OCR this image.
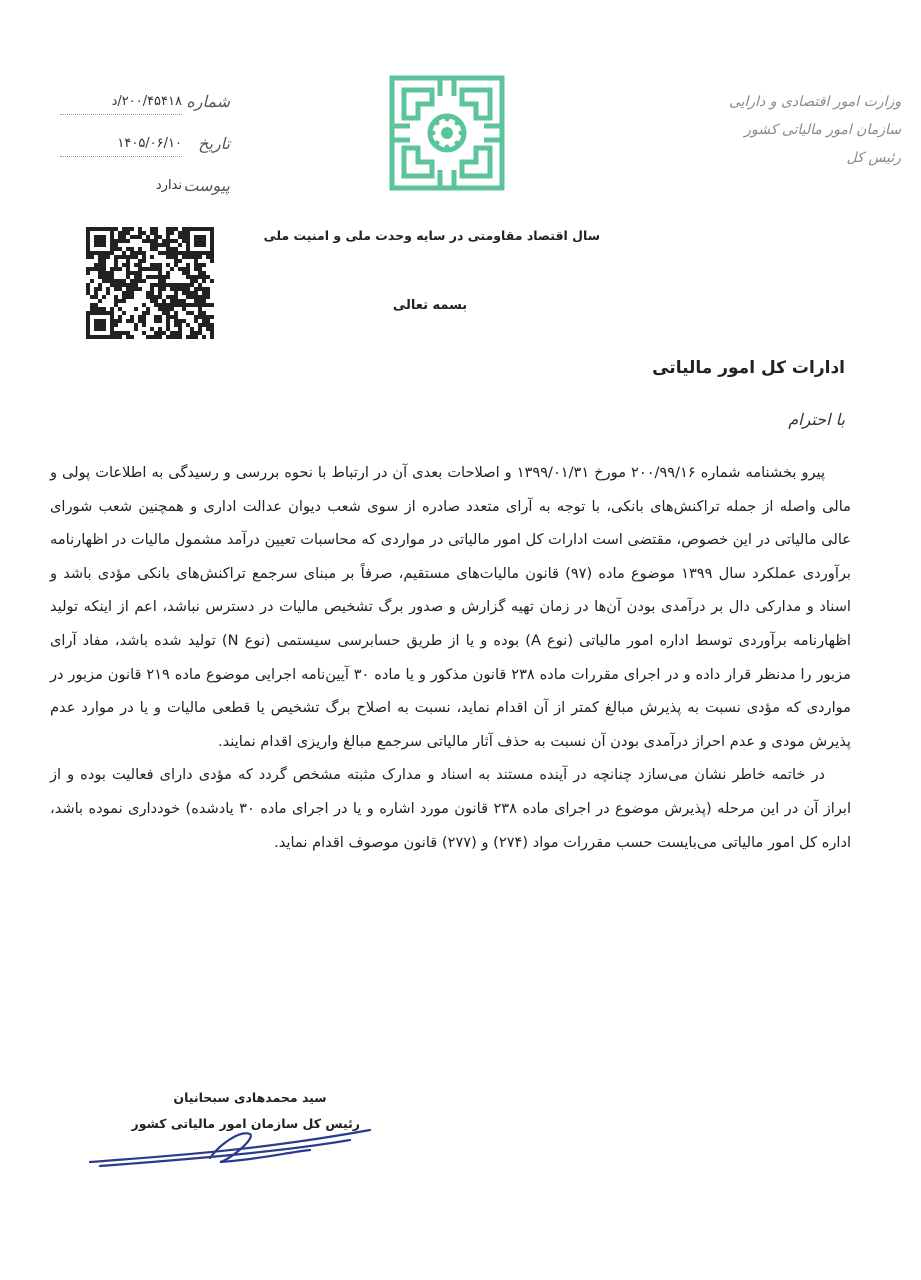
وزارت امور اقتصادی و دارایی
سازمان امور مالیاتی کشور
رئیس کل
سال اقتصاد مقاومتی در سایه وحدت ملی و امنیت ملی
بسمه تعالی
شماره
۲۰۰/۴۵۴۱۸/د
تاریخ
۱۴۰۵/۰۶/۱۰
پیوست
ندارد
ادارات کل امور مالیاتی
با احترام

پیرو بخشنامه شماره ۲۰۰/۹۹/۱۶ مورخ ۱۳۹۹/۰۱/۳۱ و اصلاحات بعدی آن در ارتباط با نحوه بررسی و رسیدگی به اطلاعات پولی و مالی واصله از جمله تراکنش‌های بانکی، با توجه به آرای متعدد صادره از سوی شعب دیوان عدالت اداری و همچنین شعب شورای عالی مالیاتی در این خصوص، مقتضی است ادارات کل امور مالیاتی در مواردی که محاسبات تعیین درآمد مشمول مالیات در اظهارنامه برآوردی عملکرد سال ۱۳۹۹ موضوع ماده (۹۷) قانون مالیات‌های مستقیم، صرفاً بر مبنای سرجمع تراکنش‌های بانکی مؤدی باشد و اسناد و مدارکی دال بر درآمدی بودن آن‌ها در زمان تهیه گزارش و صدور برگ تشخیص مالیات در دسترس نباشد، اعم از اینکه تولید اظهارنامه برآوردی توسط اداره امور مالیاتی (نوع A) بوده و یا از طریق حسابرسی سیستمی (نوع N) تولید شده باشد، مفاد آرای مزبور را مدنظر قرار داده و در اجرای مقررات ماده ۲۳۸ قانون مذکور و یا ماده ۳۰ آیین‌نامه اجرایی موضوع ماده ۲۱۹ قانون مزبور در مواردی که مؤدی نسبت به پذیرش مبالغ کمتر از آن اقدام نماید، نسبت به اصلاح برگ تشخیص یا قطعی مالیات و یا در موارد عدم پذیرش مودی و عدم احراز درآمدی بودن آن نسبت به حذف آثار مالیاتی سرجمع مبالغ واریزی اقدام نمایند.

در خاتمه خاطر نشان می‌سازد چنانچه در آینده مستند به اسناد و مدارک مثبته مشخص گردد که مؤدی دارای فعالیت بوده و از ابراز آن در این مرحله (پذیرش موضوع در اجرای ماده ۲۳۸ قانون مورد اشاره و یا در اجرای ماده ۳۰ یادشده) خودداری نموده باشد، اداره کل امور مالیاتی می‌بایست حسب مقررات مواد (۲۷۴) و (۲۷۷) قانون موصوف اقدام نماید.

سید محمدهادی سبحانیان
رئیس کل سازمان امور مالیاتی کشور
